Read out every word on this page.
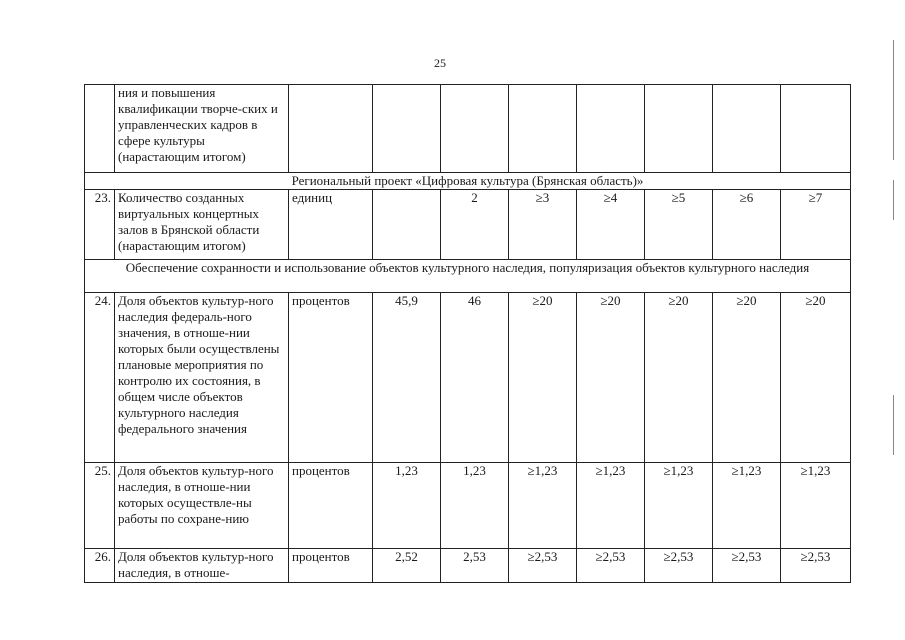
25
	ния и повышения квалификации творче-ских и управленческих кадров в сфере культуры (нарастающим итогом)								
Региональный проект «Цифровая культура (Брянская область)»									
23.	Количество созданных виртуальных концертных залов в Брянской области (нарастающим итогом)	единиц		2	≥3	≥4	≥5	≥6	≥7
Обеспечение сохранности и использование объектов культурного наследия, популяризация объектов культурного наследия									
24.	Доля объектов культур-ного наследия федераль-ного значения, в отноше-нии которых были осуществлены плановые мероприятия по контролю их состояния, в общем числе объектов культурного наследия федерального значения	процентов	45,9	46	≥20	≥20	≥20	≥20	≥20
25.	Доля объектов культур-ного наследия, в отноше-нии которых осуществле-ны работы по сохране-нию	процентов	1,23	1,23	≥1,23	≥1,23	≥1,23	≥1,23	≥1,23
26.	Доля объектов культур-ного наследия, в отноше-	процентов	2,52	2,53	≥2,53	≥2,53	≥2,53	≥2,53	≥2,53
